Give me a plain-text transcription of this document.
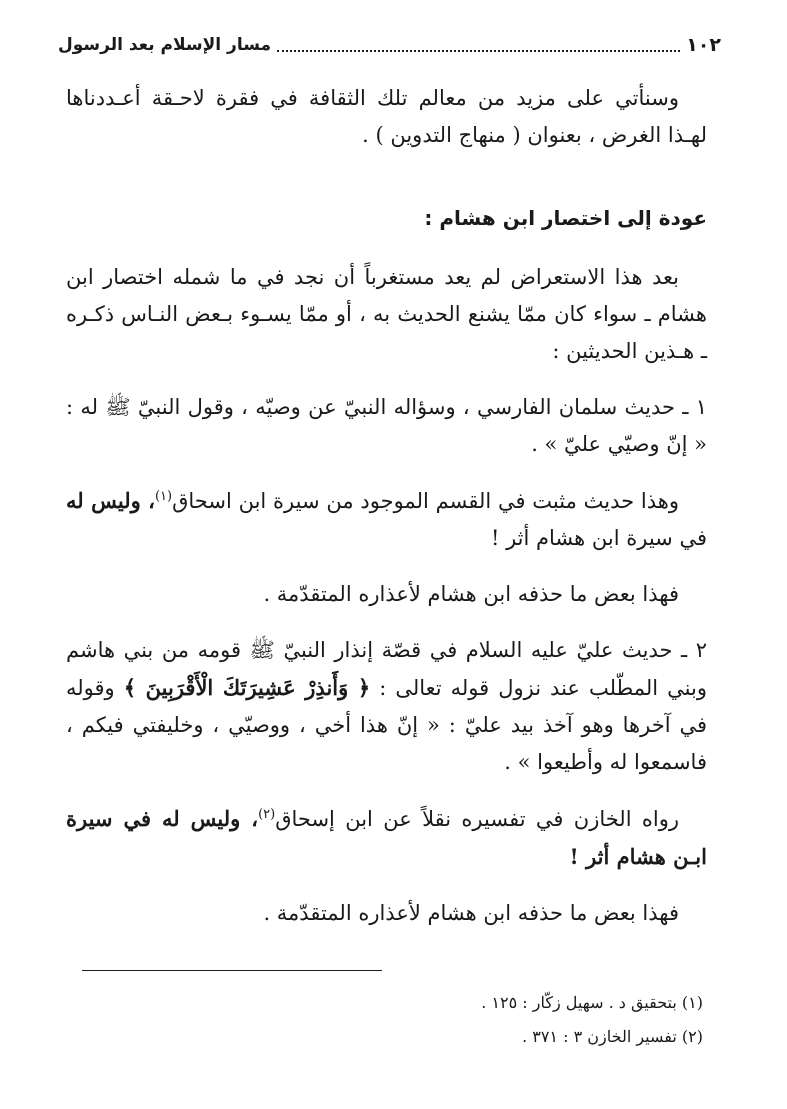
١٠٢
مسار الإسلام بعد الرسول

وسنأتي على مزيد من معالم تلك الثقافة في فقرة لاحـقة أعـددناها لهـذا الغرض ، بعنوان ( منهاج التدوين ) .

عودة إلى اختصار ابن هشام :

بعد هذا الاستعراض لم يعد مستغرباً أن نجد في ما شمله اختصار ابن هشام ـ سواء كان ممّا يشنع الحديث به ، أو ممّا يسـوء بـعض النـاس ذكـره ـ هـذين الحديثين :

١ ـ حديث سلمان الفارسي ، وسؤاله النبيّ عن وصيّه ، وقول النبيّ ﷺ له : « إنّ وصيّي عليّ » .

وهذا حديث مثبت في القسم الموجود من سيرة ابن اسحاق$^{(١)}$، وليس له في سيرة ابن هشام أثر !

فهذا بعض ما حذفه ابن هشام لأعذاره المتقدّمة .

٢ ـ حديث عليّ عليه السلام في قصّة إنذار النبيّ ﷺ قومه من بني هاشم وبني المطّلب عند نزول قوله تعالى : ﴿ وَأَنذِرْ عَشِيرَتَكَ الْأَقْرَبِينَ ﴾ وقوله في آخرها وهو آخذ بيد عليّ : « إنّ هذا أخي ، ووصيّي ، وخليفتي فيكم ، فاسمعوا له وأطيعوا » .

رواه الخازن في تفسيره نقلاً عن ابن إسحاق$^{(٢)}$، وليس له في سيرة ابـن هشام أثر !

فهذا بعض ما حذفه ابن هشام لأعذاره المتقدّمة .

(١) بتحقيق د . سهيل زكّار : ١٢٥ .
(٢) تفسير الخازن ٣ : ٣٧١ .
